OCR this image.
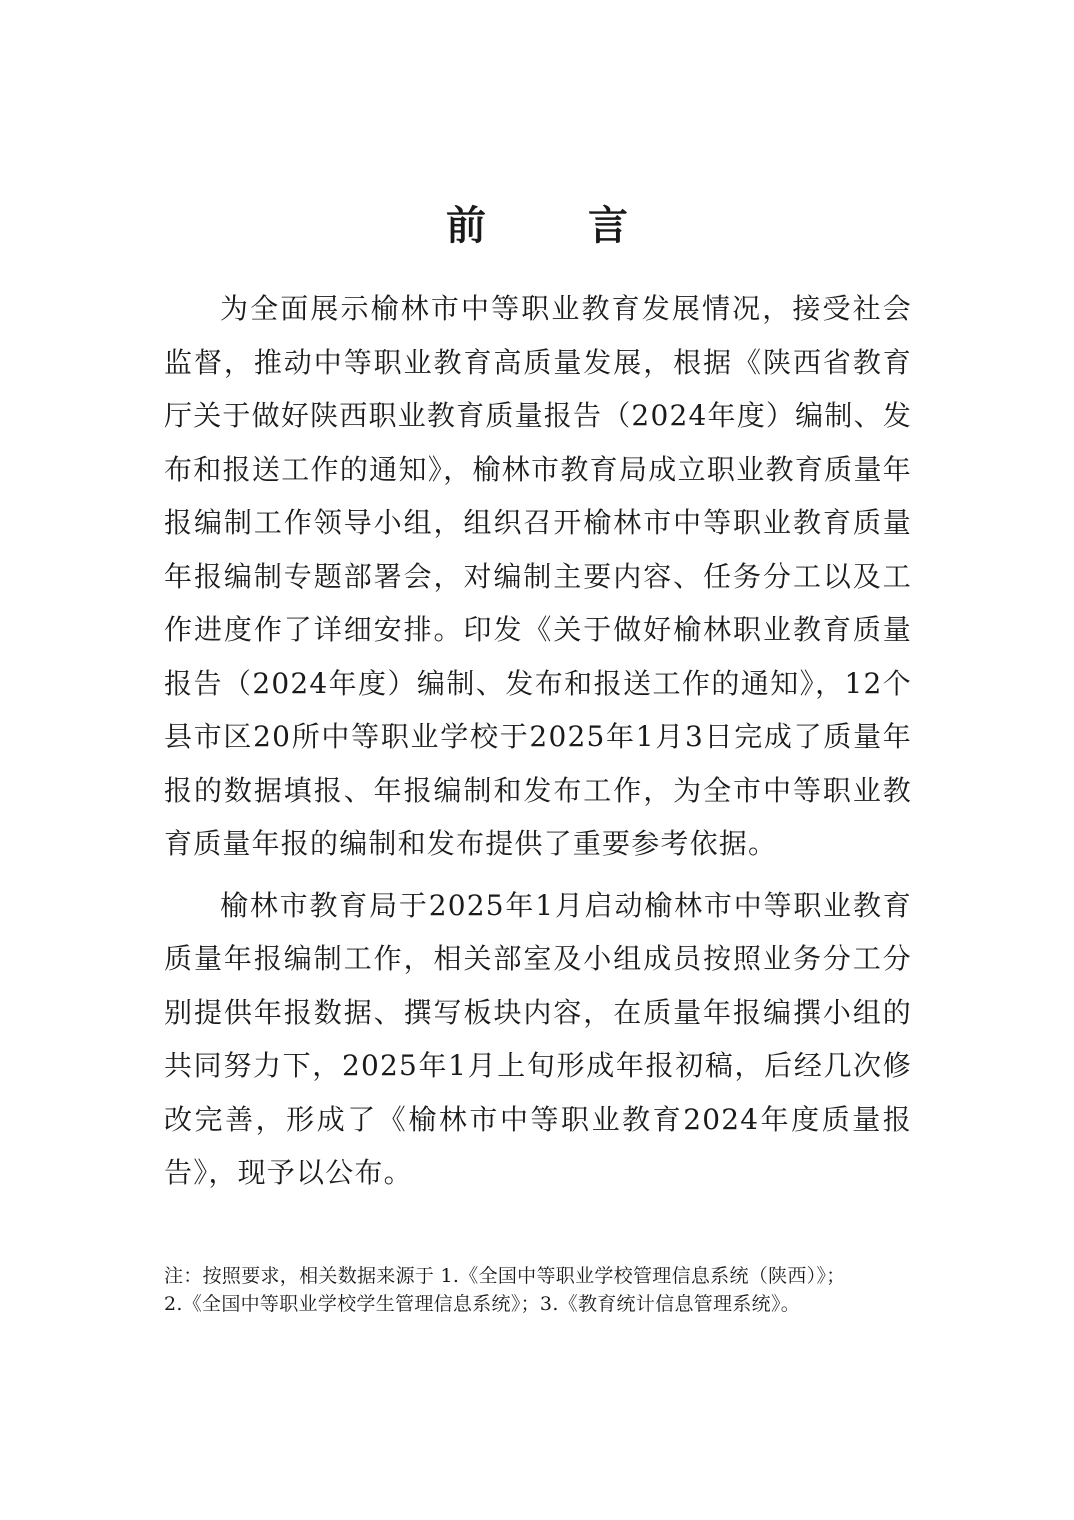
前 言

为全面展示榆林市中等职业教育发展情况，接受社会监督，推动中等职业教育高质量发展，根据《陕西省教育厅关于做好陕西职业教育质量报告（2024年度）编制、发布和报送工作的通知》，榆林市教育局成立职业教育质量年报编制工作领导小组，组织召开榆林市中等职业教育质量年报编制专题部署会，对编制主要内容、任务分工以及工作进度作了详细安排。印发《关于做好榆林职业教育质量报告（2024年度）编制、发布和报送工作的通知》，12个县市区20所中等职业学校于2025年1月3日完成了质量年报的数据填报、年报编制和发布工作，为全市中等职业教育质量年报的编制和发布提供了重要参考依据。

榆林市教育局于2025年1月启动榆林市中等职业教育质量年报编制工作，相关部室及小组成员按照业务分工分别提供年报数据、撰写板块内容，在质量年报编撰小组的共同努力下，2025年1月上旬形成年报初稿，后经几次修改完善，形成了《榆林市中等职业教育2024年度质量报告》，现予以公布。

注：按照要求，相关数据来源于 1.《全国中等职业学校管理信息系统（陕西）》；
2.《全国中等职业学校学生管理信息系统》；3.《教育统计信息管理系统》。
